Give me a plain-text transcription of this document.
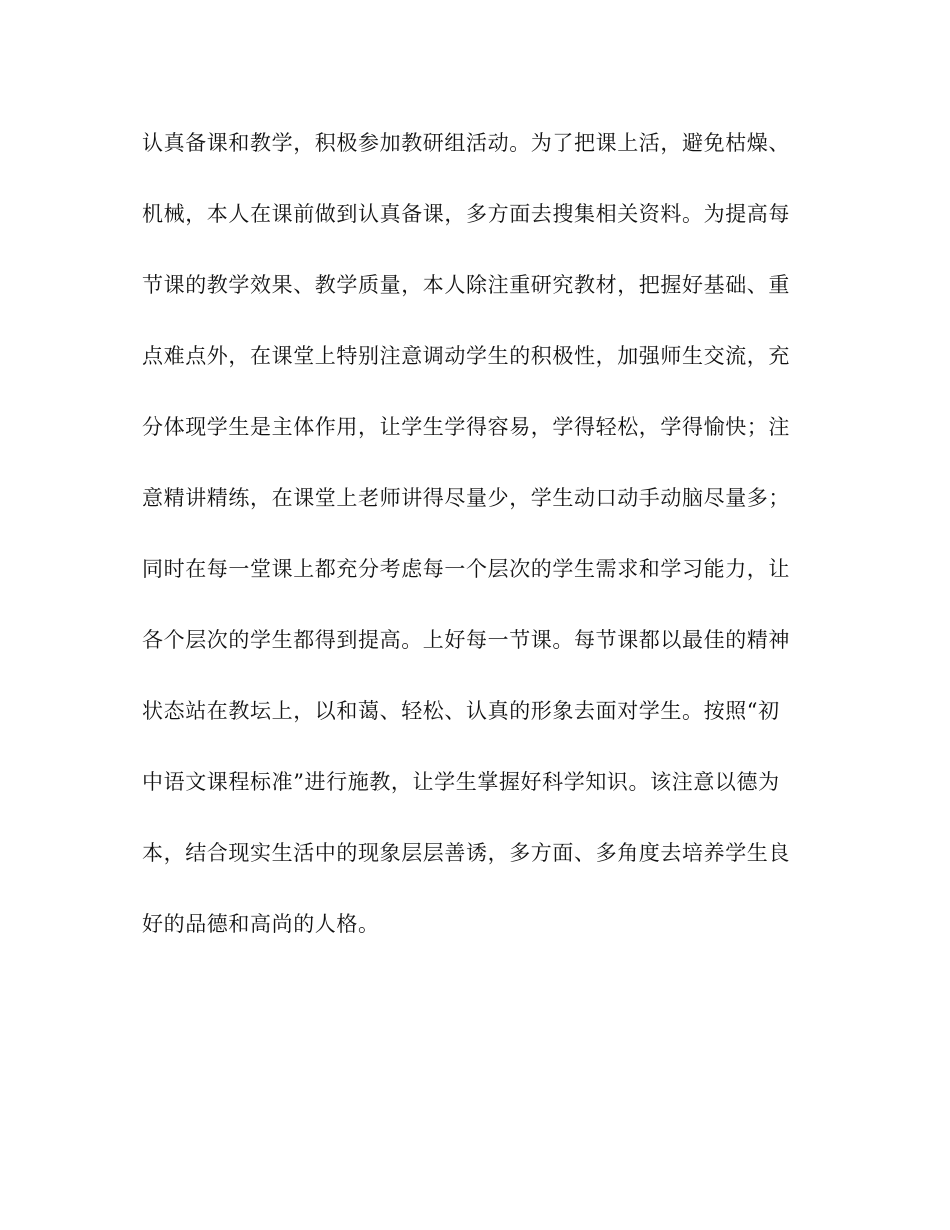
认真备课和教学，积极参加教研组活动。为了把课上活，避免枯燥、
机械，本人在课前做到认真备课，多方面去搜集相关资料。为提高每
节课的教学效果、教学质量，本人除注重研究教材，把握好基础、重
点难点外，在课堂上特别注意调动学生的积极性，加强师生交流，充
分体现学生是主体作用，让学生学得容易，学得轻松，学得愉快；注
意精讲精练，在课堂上老师讲得尽量少，学生动口动手动脑尽量多；
同时在每一堂课上都充分考虑每一个层次的学生需求和学习能力，让
各个层次的学生都得到提高。上好每一节课。每节课都以最佳的精神
状态站在教坛上，以和蔼、轻松、认真的形象去面对学生。按照“初
中语文课程标准”进行施教，让学生掌握好科学知识。该注意以德为
本，结合现实生活中的现象层层善诱，多方面、多角度去培养学生良
好的品德和高尚的人格。
